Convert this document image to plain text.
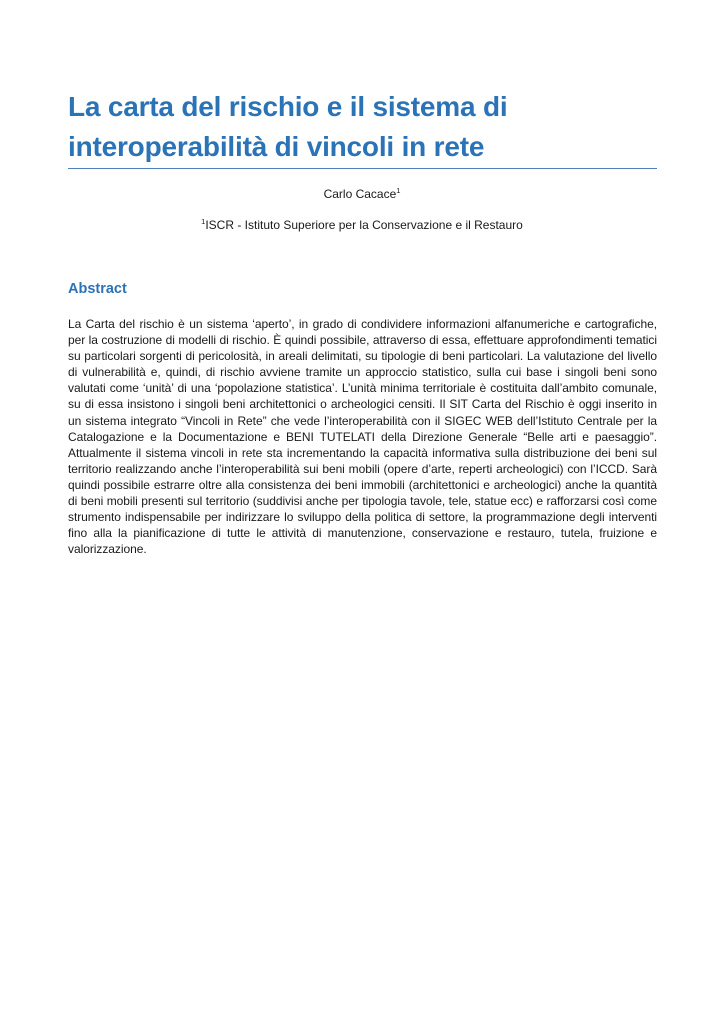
La carta del rischio e il sistema di interoperabilità di vincoli in rete
Carlo Cacace$^1$
$^1$ISCR - Istituto Superiore per la Conservazione e il Restauro
Abstract

La Carta del rischio è un sistema ‘aperto’, in grado di condividere informazioni alfanumeriche e cartografiche, per la costruzione di modelli di rischio. È quindi possibile, attraverso di essa, effettuare approfondimenti tematici su particolari sorgenti di pericolosità, in areali delimitati, su tipologie di beni particolari. La valutazione del livello di vulnerabilità e, quindi, di rischio avviene tramite un approccio statistico, sulla cui base i singoli beni sono valutati come ‘unità’ di una ‘popolazione statistica’. L’unità minima territoriale è costituita dall’ambito comunale, su di essa insistono i singoli beni architettonici o archeologici censiti. Il SIT Carta del Rischio è oggi inserito in un sistema integrato “Vincoli in Rete” che vede l’interoperabilità con il SIGEC WEB dell’Istituto Centrale per la Catalogazione e la Documentazione e BENI TUTELATI della Direzione Generale “Belle arti e paesaggio”. Attualmente il sistema vincoli in rete sta incrementando la capacità informativa sulla distribuzione dei beni sul territorio realizzando anche l’interoperabilità sui beni mobili (opere d’arte, reperti archeologici) con l’ICCD. Sarà quindi possibile estrarre oltre alla consistenza dei beni immobili (architettonici e archeologici) anche la quantità di beni mobili presenti sul territorio (suddivisi anche per tipologia tavole, tele, statue ecc) e rafforzarsi così come strumento indispensabile per indirizzare lo sviluppo della politica di settore, la programmazione degli interventi fino alla la pianificazione di tutte le attività di manutenzione, conservazione e restauro, tutela, fruizione e valorizzazione.
